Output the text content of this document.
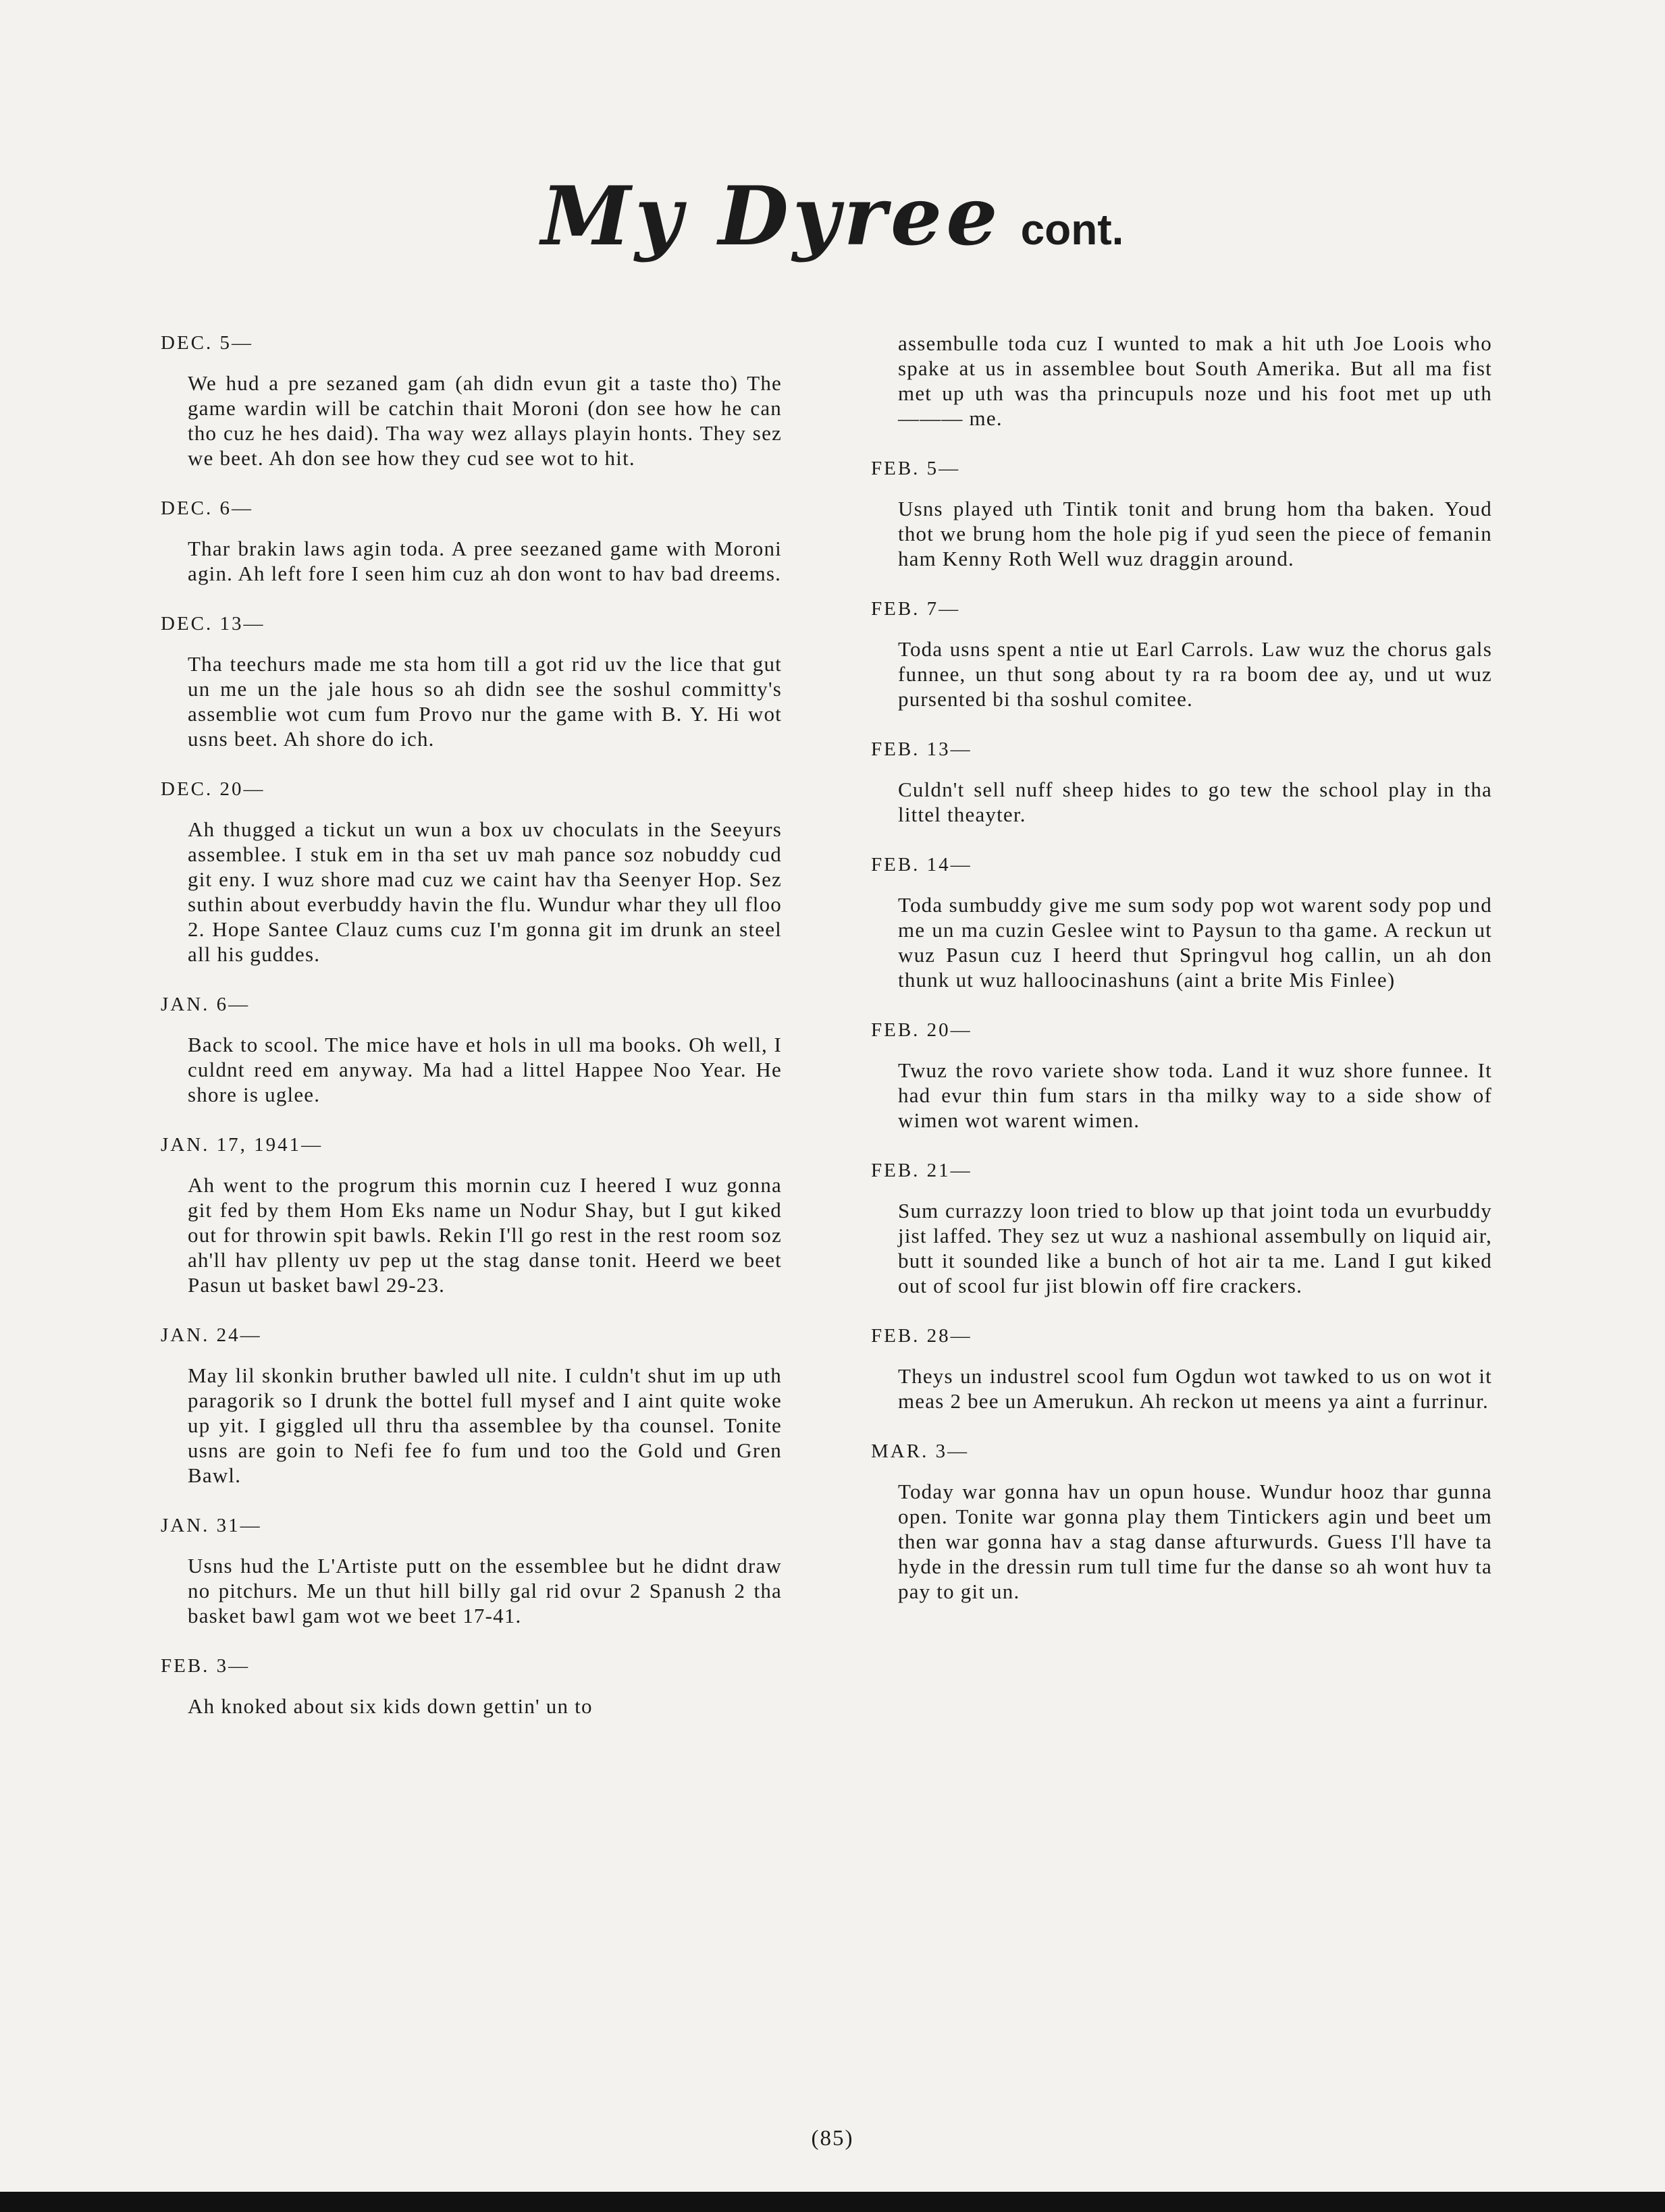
My Dyree cont.

DEC. 5—

We hud a pre sezaned gam (ah didn evun git a taste tho) The game wardin will be catchin thait Moroni (don see how he can tho cuz he hes daid). Tha way wez allays playin honts. They sez we beet. Ah don see how they cud see wot to hit.

DEC. 6—

Thar brakin laws agin toda. A pree seezaned game with Moroni agin. Ah left fore I seen him cuz ah don wont to hav bad dreems.

DEC. 13—

Tha teechurs made me sta hom till a got rid uv the lice that gut un me un the jale hous so ah didn see the soshul committy's assemblie wot cum fum Provo nur the game with B. Y. Hi wot usns beet. Ah shore do ich.

DEC. 20—

Ah thugged a tickut un wun a box uv choculats in the Seeyurs assemblee. I stuk em in tha set uv mah pance soz nobuddy cud git eny. I wuz shore mad cuz we caint hav tha Seenyer Hop. Sez suthin about everbuddy havin the flu. Wundur whar they ull floo 2. Hope Santee Clauz cums cuz I'm gonna git im drunk an steel all his guddes.

JAN. 6—

Back to scool. The mice have et hols in ull ma books. Oh well, I culdnt reed em anyway. Ma had a littel Happee Noo Year. He shore is uglee.

JAN. 17, 1941—

Ah went to the progrum this mornin cuz I heered I wuz gonna git fed by them Hom Eks name un Nodur Shay, but I gut kiked out for throwin spit bawls. Rekin I'll go rest in the rest room soz ah'll hav pllenty uv pep ut the stag danse tonit. Heerd we beet Pasun ut basket bawl 29-23.

JAN. 24—

May lil skonkin bruther bawled ull nite. I culdn't shut im up uth paragorik so I drunk the bottel full mysef and I aint quite woke up yit. I giggled ull thru tha assemblee by tha counsel. Tonite usns are goin to Nefi fee fo fum und too the Gold und Gren Bawl.

JAN. 31—

Usns hud the L'Artiste putt on the essemblee but he didnt draw no pitchurs. Me un thut hill billy gal rid ovur 2 Spanush 2 tha basket bawl gam wot we beet 17-41.

FEB. 3—

Ah knoked about six kids down gettin' un to

assembulle toda cuz I wunted to mak a hit uth Joe Loois who spake at us in assemblee bout South Amerika. But all ma fist met up uth was tha princupuls noze und his foot met up uth ——— me.

FEB. 5—

Usns played uth Tintik tonit and brung hom tha baken. Youd thot we brung hom the hole pig if yud seen the piece of femanin ham Kenny Roth Well wuz draggin around.

FEB. 7—

Toda usns spent a ntie ut Earl Carrols. Law wuz the chorus gals funnee, un thut song about ty ra ra boom dee ay, und ut wuz pursented bi tha soshul comitee.

FEB. 13—

Culdn't sell nuff sheep hides to go tew the school play in tha littel theayter.

FEB. 14—

Toda sumbuddy give me sum sody pop wot warent sody pop und me un ma cuzin Geslee wint to Paysun to tha game. A reckun ut wuz Pasun cuz I heerd thut Springvul hog callin, un ah don thunk ut wuz halloocinashuns (aint a brite Mis Finlee)

FEB. 20—

Twuz the rovo variete show toda. Land it wuz shore funnee. It had evur thin fum stars in tha milky way to a side show of wimen wot warent wimen.

FEB. 21—

Sum currazzy loon tried to blow up that joint toda un evurbuddy jist laffed. They sez ut wuz a nashional assembully on liquid air, butt it sounded like a bunch of hot air ta me. Land I gut kiked out of scool fur jist blowin off fire crackers.

FEB. 28—

Theys un industrel scool fum Ogdun wot tawked to us on wot it meas 2 bee un Amerukun. Ah reckon ut meens ya aint a furrinur.

MAR. 3—

Today war gonna hav un opun house. Wundur hooz thar gunna open. Tonite war gonna play them Tintickers agin und beet um then war gonna hav a stag danse afturwurds. Guess I'll have ta hyde in the dressin rum tull time fur the danse so ah wont huv ta pay to git un.

(85)
